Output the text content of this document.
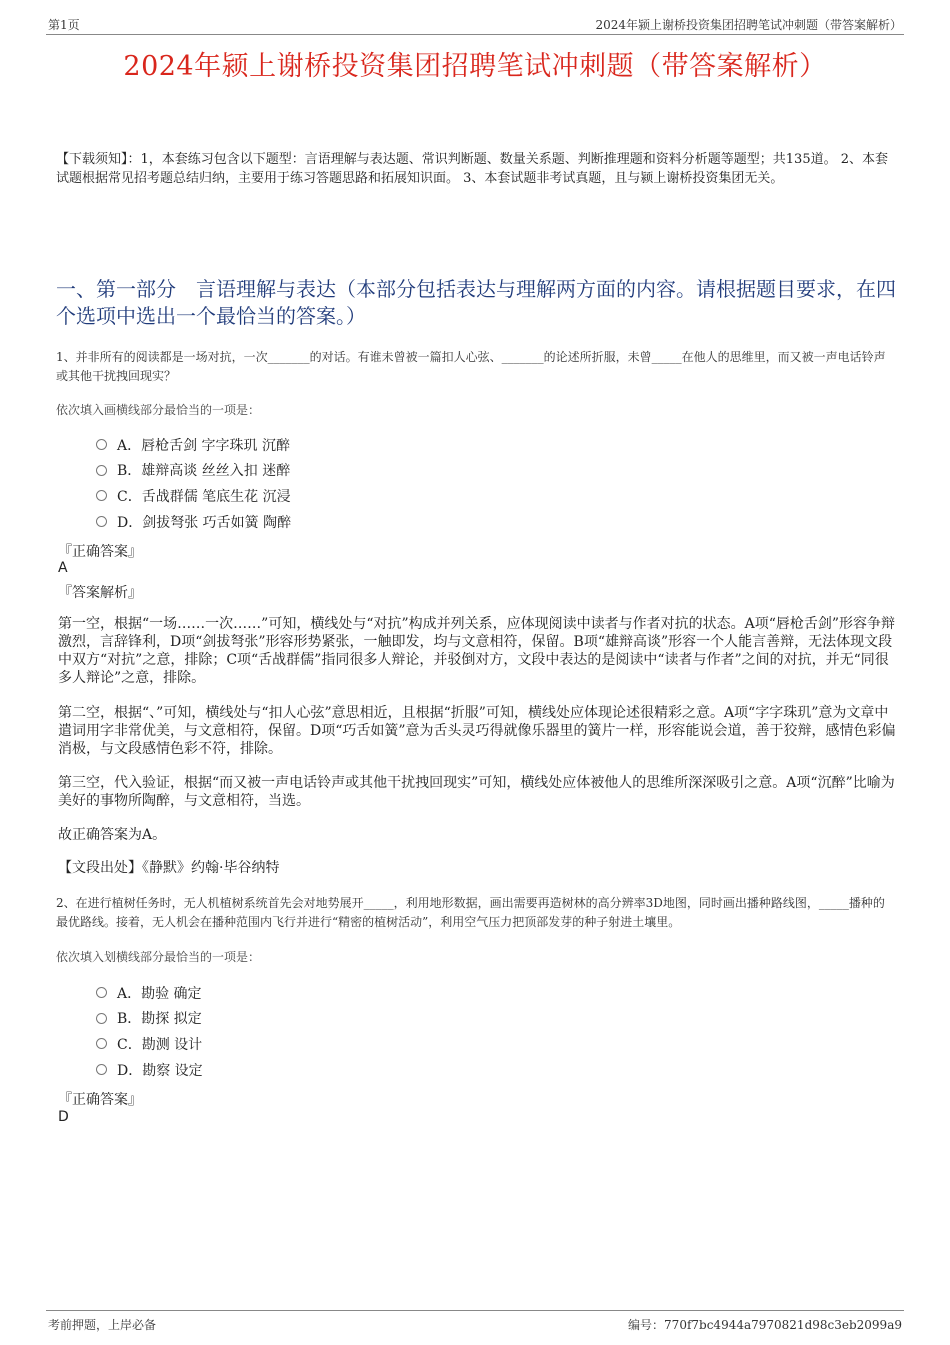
第1页	2024年颍上谢桥投资集团招聘笔试冲刺题（带答案解析）
2024年颍上谢桥投资集团招聘笔试冲刺题（带答案解析）
【下载须知】：1，本套练习包含以下题型：言语理解与表达题、常识判断题、数量关系题、判断推理题和资料分析题等题型；共135道。 2、本套试题根据常见招考题总结归纳，主要用于练习答题思路和拓展知识面。 3、本套试题非考试真题，且与颍上谢桥投资集团无关。
一、第一部分　言语理解与表达（本部分包括表达与理解两方面的内容。请根据题目要求，在四个选项中选出一个最恰当的答案。）
1、并非所有的阅读都是一场对抗，一次_______的对话。有谁未曾被一篇扣人心弦、_______的论述所折服，未曾_____在他人的思维里，而又被一声电话铃声或其他干扰拽回现实？
依次填入画横线部分最恰当的一项是：
A．唇枪舌剑 字字珠玑 沉醉
B．雄辩高谈 丝丝入扣 迷醉
C．舌战群儒 笔底生花 沉浸
D．剑拔弩张 巧舌如簧 陶醉
『正确答案』
A
『答案解析』
第一空，根据“一场……一次……”可知，横线处与“对抗”构成并列关系，应体现阅读中读者与作者对抗的状态。A项“唇枪舌剑”形容争辩激烈，言辞锋利，D项“剑拔弩张”形容形势紧张，一触即发，均与文意相符，保留。B项“雄辩高谈”形容一个人能言善辩，无法体现文段中双方“对抗”之意，排除；C项“舌战群儒”指同很多人辩论，并驳倒对方，文段中表达的是阅读中“读者与作者”之间的对抗，并无“同很多人辩论”之意，排除。
第二空，根据“、”可知，横线处与“扣人心弦”意思相近，且根据“折服”可知，横线处应体现论述很精彩之意。A项“字字珠玑”意为文章中遣词用字非常优美，与文意相符，保留。D项“巧舌如簧”意为舌头灵巧得就像乐器里的簧片一样，形容能说会道，善于狡辩，感情色彩偏消极，与文段感情色彩不符，排除。
第三空，代入验证，根据“而又被一声电话铃声或其他干扰拽回现实”可知，横线处应体被他人的思维所深深吸引之意。A项“沉醉”比喻为美好的事物所陶醉，与文意相符，当选。
故正确答案为A。
【文段出处】《静默》约翰·毕谷纳特
2、在进行植树任务时，无人机植树系统首先会对地势展开_____，利用地形数据，画出需要再造树林的高分辨率3D地图，同时画出播种路线图，_____播种的最优路线。接着，无人机会在播种范围内飞行并进行“精密的植树活动”，利用空气压力把顶部发芽的种子射进土壤里。
依次填入划横线部分最恰当的一项是：
A．勘验 确定
B．勘探 拟定
C．勘测 设计
D．勘察 设定
『正确答案』
D
考前押题，上岸必备	编号：770f7bc4944a7970821d98c3eb2099a9
